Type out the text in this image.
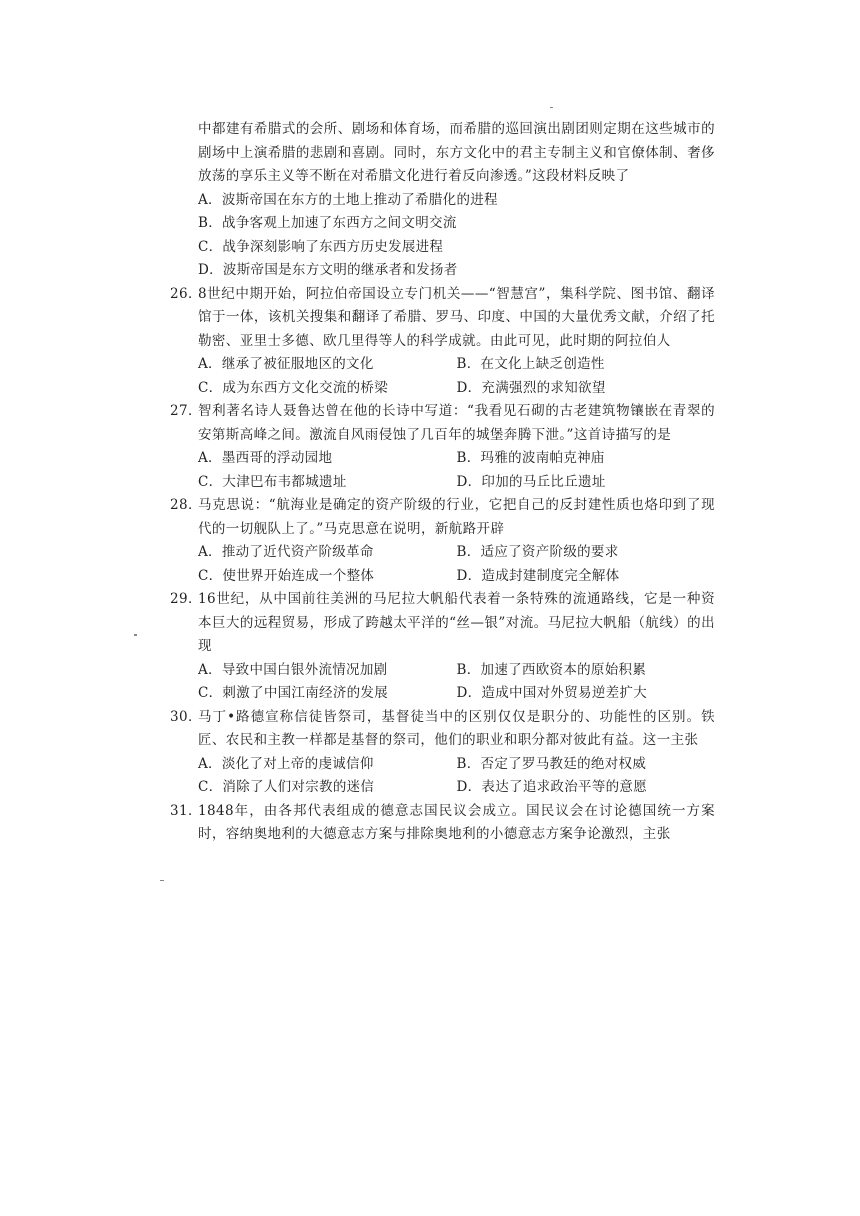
中都建有希腊式的会所、剧场和体育场，而希腊的巡回演出剧团则定期在这些城市的剧场中上演希腊的悲剧和喜剧。同时，东方文化中的君主专制主义和官僚体制、奢侈放荡的享乐主义等不断在对希腊文化进行着反向渗透。”这段材料反映了

A．波斯帝国在东方的土地上推动了希腊化的进程
B．战争客观上加速了东西方之间文明交流
C．战争深刻影响了东西方历史发展进程
D．波斯帝国是东方文明的继承者和发扬者
26．
8世纪中期开始，阿拉伯帝国设立专门机关——“智慧宫”，集科学院、图书馆、翻译馆于一体，该机关搜集和翻译了希腊、罗马、印度、中国的大量优秀文献，介绍了托勒密、亚里士多德、欧几里得等人的科学成就。由此可见，此时期的阿拉伯人
A．继承了被征服地区的文化	B．在文化上缺乏创造性
C．成为东西方文化交流的桥梁	D．充满强烈的求知欲望
27．
智利著名诗人聂鲁达曾在他的长诗中写道：“我看见石砌的古老建筑物镶嵌在青翠的安第斯高峰之间。激流自风雨侵蚀了几百年的城堡奔腾下泄。”这首诗描写的是
A．墨西哥的浮动园地	B．玛雅的波南帕克神庙
C．大津巴布韦都城遗址	D．印加的马丘比丘遗址
28．
马克思说：“航海业是确定的资产阶级的行业，它把自己的反封建性质也烙印到了现代的一切舰队上了。”马克思意在说明，新航路开辟
A．推动了近代资产阶级革命	B．适应了资产阶级的要求
C．使世界开始连成一个整体	D．造成封建制度完全解体
29．
16世纪，从中国前往美洲的马尼拉大帆船代表着一条特殊的流通路线，它是一种资本巨大的远程贸易，形成了跨越太平洋的“丝—银”对流。马尼拉大帆船（航线）的出现
A．导致中国白银外流情况加剧	B．加速了西欧资本的原始积累
C．刺激了中国江南经济的发展	D．造成中国对外贸易逆差扩大
30．
马丁•路德宣称信徒皆祭司，基督徒当中的区别仅仅是职分的、功能性的区别。铁匠、农民和主教一样都是基督的祭司，他们的职业和职分都对彼此有益。这一主张
A．淡化了对上帝的虔诚信仰	B．否定了罗马教廷的绝对权威
C．消除了人们对宗教的迷信	D．表达了追求政治平等的意愿
31．
1848年，由各邦代表组成的德意志国民议会成立。国民议会在讨论德国统一方案时，容纳奥地利的大德意志方案与排除奥地利的小德意志方案争论激烈，主张
